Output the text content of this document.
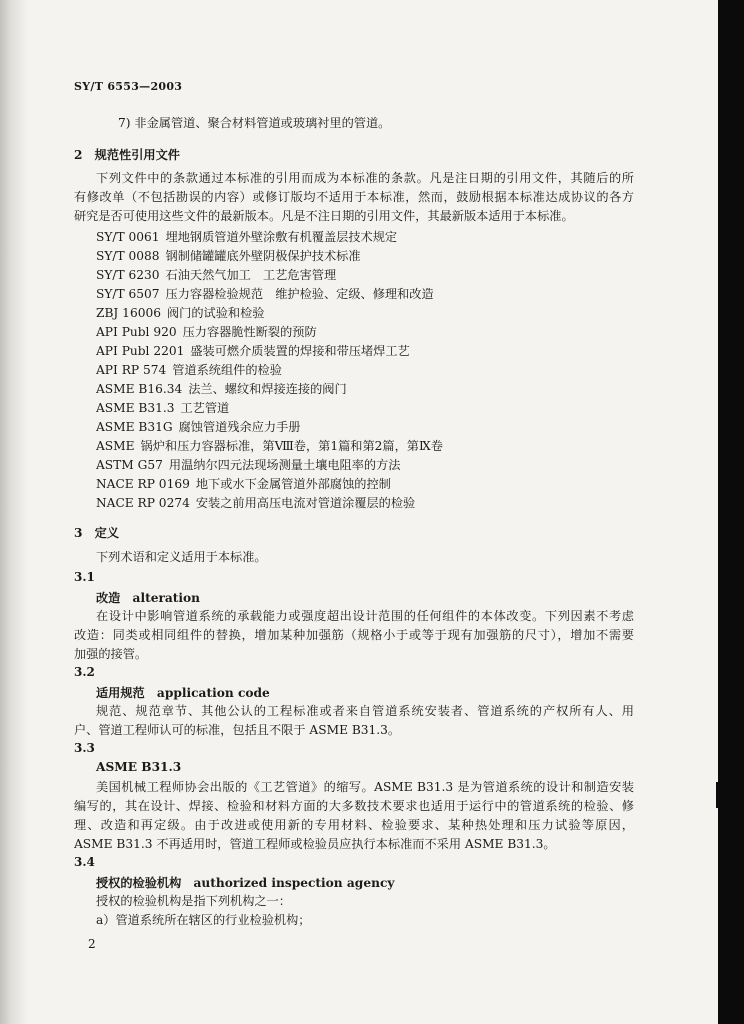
SY/T 6553—2003
7) 非金属管道、聚合材料管道或玻璃衬里的管道。
2　规范性引用文件
下列文件中的条款通过本标准的引用而成为本标准的条款。凡是注日期的引用文件，其随后的所
有修改单（不包括勘误的内容）或修订版均不适用于本标准，然而，鼓励根据本标准达成协议的各方
研究是否可使用这些文件的最新版本。凡是不注日期的引用文件，其最新版本适用于本标准。
SY/T 0061 埋地钢质管道外壁涂敷有机覆盖层技术规定
SY/T 0088 钢制储罐罐底外壁阴极保护技术标准
SY/T 6230 石油天然气加工　工艺危害管理
SY/T 6507 压力容器检验规范　维护检验、定级、修理和改造
ZBJ 16006 阀门的试验和检验
API Publ 920 压力容器脆性断裂的预防
API Publ 2201 盛装可燃介质装置的焊接和带压堵焊工艺
API RP 574 管道系统组件的检验
ASME B16.34 法兰、螺纹和焊接连接的阀门
ASME B31.3 工艺管道
ASME B31G 腐蚀管道残余应力手册
ASME 锅炉和压力容器标准，第Ⅷ卷，第1篇和第2篇，第Ⅸ卷
ASTM G57 用温纳尔四元法现场测量土壤电阻率的方法
NACE RP 0169 地下或水下金属管道外部腐蚀的控制
NACE RP 0274 安装之前用高压电流对管道涂覆层的检验
3　定义
下列术语和定义适用于本标准。
3.1
改造　alteration
在设计中影响管道系统的承载能力或强度超出设计范围的任何组件的本体改变。下列因素不考虑
改造：同类或相同组件的替换，增加某种加强筋（规格小于或等于现有加强筋的尺寸），增加不需要
加强的接管。
3.2
适用规范　application code
规范、规范章节、其他公认的工程标准或者来自管道系统安装者、管道系统的产权所有人、用
户、管道工程师认可的标准，包括且不限于 ASME B31.3。
3.3
ASME B31.3
美国机械工程师协会出版的《工艺管道》的缩写。ASME B31.3 是为管道系统的设计和制造安装
编写的，其在设计、焊接、检验和材料方面的大多数技术要求也适用于运行中的管道系统的检验、修
理、改造和再定级。由于改进或使用新的专用材料、检验要求、某种热处理和压力试验等原因，
ASME B31.3 不再适用时，管道工程师或检验员应执行本标准而不采用 ASME B31.3。
3.4
授权的检验机构　authorized inspection agency
授权的检验机构是指下列机构之一：
a）管道系统所在辖区的行业检验机构；
2
